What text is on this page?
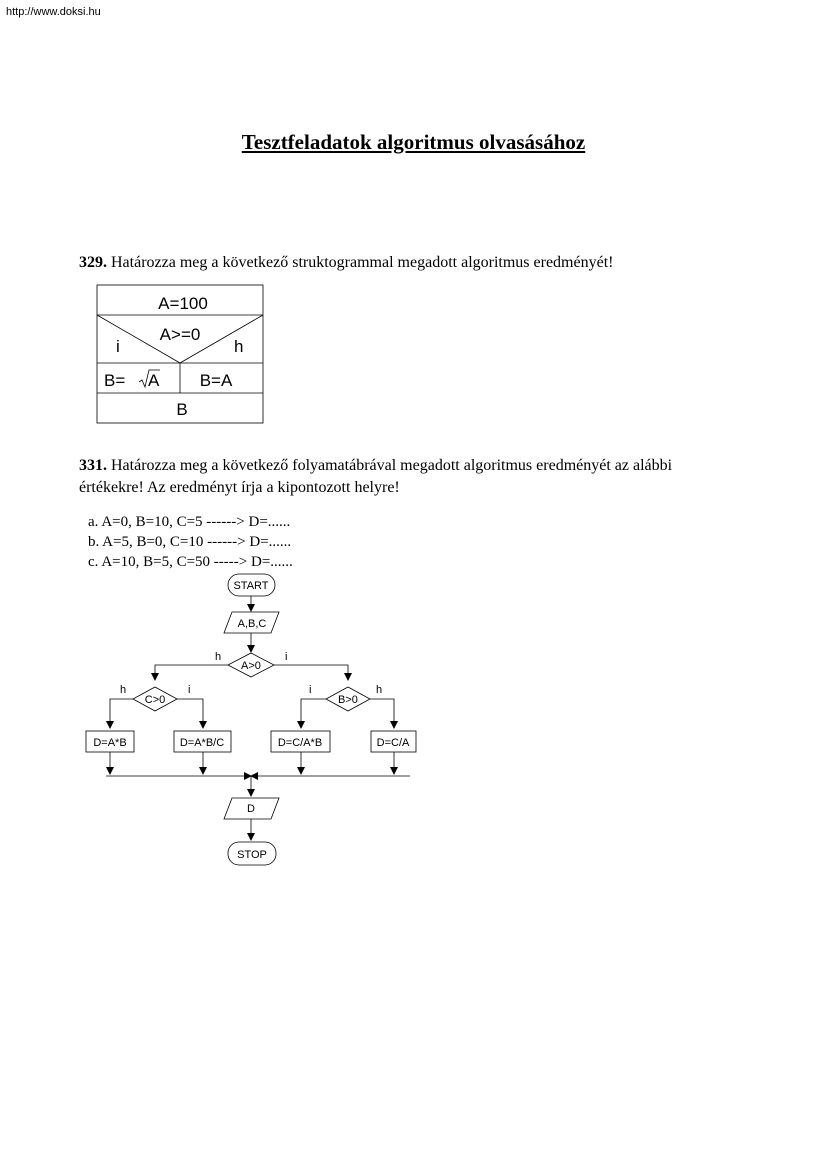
http://www.doksi.hu
Tesztfeladatok algoritmus olvasásához
329. Határozza meg a következő struktogrammal megadott algoritmus eredményét!
A=100
A>=0
i	h
B= A B=A
B
331. Határozza meg a következő folyamatábrával megadott algoritmus eredményét az alábbi
értékekre! Az eredményt írja a kipontozott helyre!
a. A=0, B=10, C=5 ------> D=......
b. A=5, B=0, C=10 ------> D=......
c. A=10, B=5, C=50 -----> D=......
START
A,B,C
A>0
h	i
C>0
h	i
B>0
i	h
D=A*B	D=A*B/C	D=C/A*B	D=C/A
D
STOP
